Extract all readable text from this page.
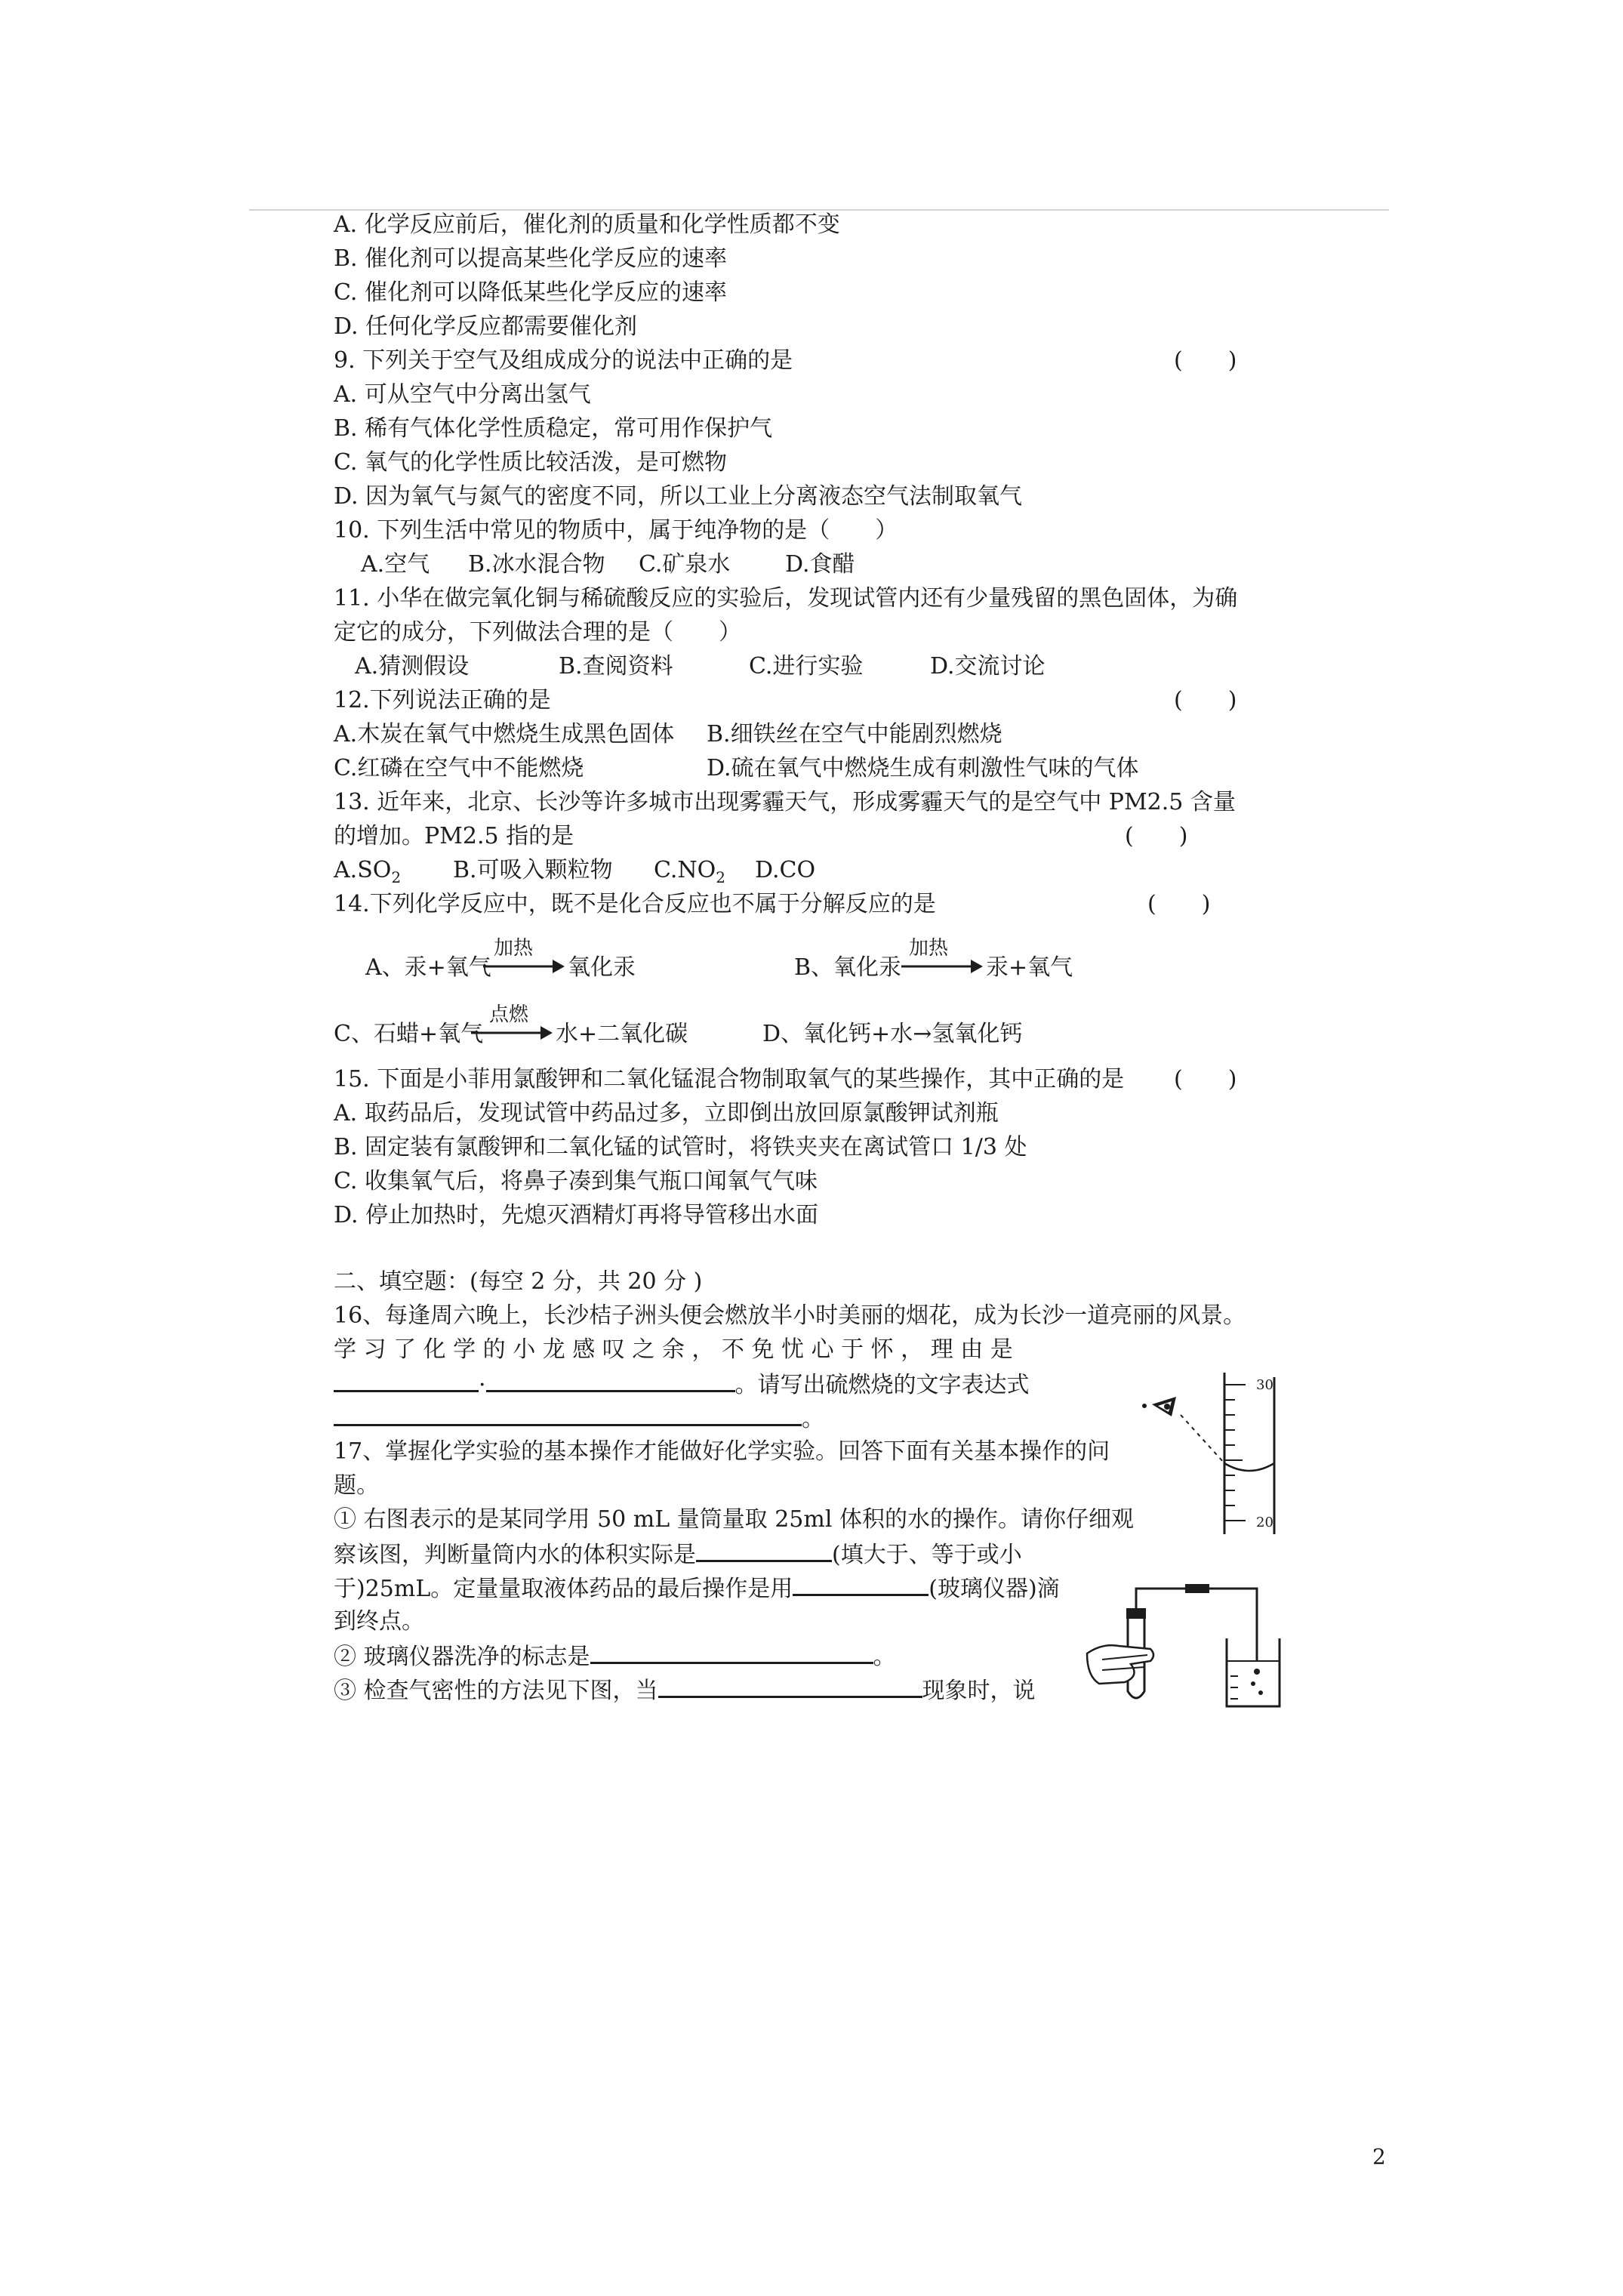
A. 化学反应前后，催化剂的质量和化学性质都不变
B. 催化剂可以提高某些化学反应的速率
C. 催化剂可以降低某些化学反应的速率
D. 任何化学反应都需要催化剂
9. 下列关于空气及组成成分的说法中正确的是	(　　)
A. 可从空气中分离出氢气
B. 稀有气体化学性质稳定，常可用作保护气
C. 氧气的化学性质比较活泼，是可燃物
D. 因为氧气与氮气的密度不同，所以工业上分离液态空气法制取氧气
10. 下列生活中常见的物质中，属于纯净物的是（　　）
A.空气 B.冰水混合物 C.矿泉水 D.食醋
11. 小华在做完氧化铜与稀硫酸反应的实验后，发现试管内还有少量残留的黑色固体，为确
定它的成分，下列做法合理的是（　　）
A.猜测假设	B.查阅资料	C.进行实验	D.交流讨论
12.下列说法正确的是	(　　)
A.木炭在氧气中燃烧生成黑色固体 B.细铁丝在空气中能剧烈燃烧
C.红磷在空气中不能燃烧	D.硫在氧气中燃烧生成有刺激性气味的气体
13. 近年来，北京、长沙等许多城市出现雾霾天气，形成雾霾天气的是空气中 PM2.5 含量
的增加。PM2.5 指的是	(　　)
$A.SO_2$ B.可吸入颗粒物 $C.NO_2$ D.CO
14.下列化学反应中，既不是化合反应也不属于分解反应的是	(　　)
A、汞+氧气
加热
氧化汞	B、氧化汞
加热
汞+氧气
C、石蜡+氧气
点燃
水+二氧化碳	D、氧化钙+水→氢氧化钙
15. 下面是小菲用氯酸钾和二氧化锰混合物制取氧气的某些操作，其中正确的是 (　　)
A. 取药品后，发现试管中药品过多，立即倒出放回原氯酸钾试剂瓶
B. 固定装有氯酸钾和二氧化锰的试管时，将铁夹夹在离试管口 1/3 处
C. 收集氧气后，将鼻子凑到集气瓶口闻氧气气味
D. 停止加热时，先熄灭酒精灯再将导管移出水面
二、填空题：(每空 2 分，共 20 分 )
16、每逢周六晚上，长沙桔子洲头便会燃放半小时美丽的烟花，成为长沙一道亮丽的风景。
学 习 了 化 学 的 小 龙 感 叹 之 余 ， 不 免 忧 心 于 怀 ， 理 由 是
·	。请写出硫燃烧的文字表达式
。
17、掌握化学实验的基本操作才能做好化学实验。回答下面有关基本操作的问
题。
① 右图表示的是某同学用 50 mL 量筒量取 25ml 体积的水的操作。请你仔细观
察该图，判断量筒内水的体积实际是	(填大于、等于或小
于)25mL。定量量取液体药品的最后操作是用	(玻璃仪器)滴
到终点。
② 玻璃仪器洗净的标志是	。
③ 检查气密性的方法见下图，当	现象时，说
30
20
2
